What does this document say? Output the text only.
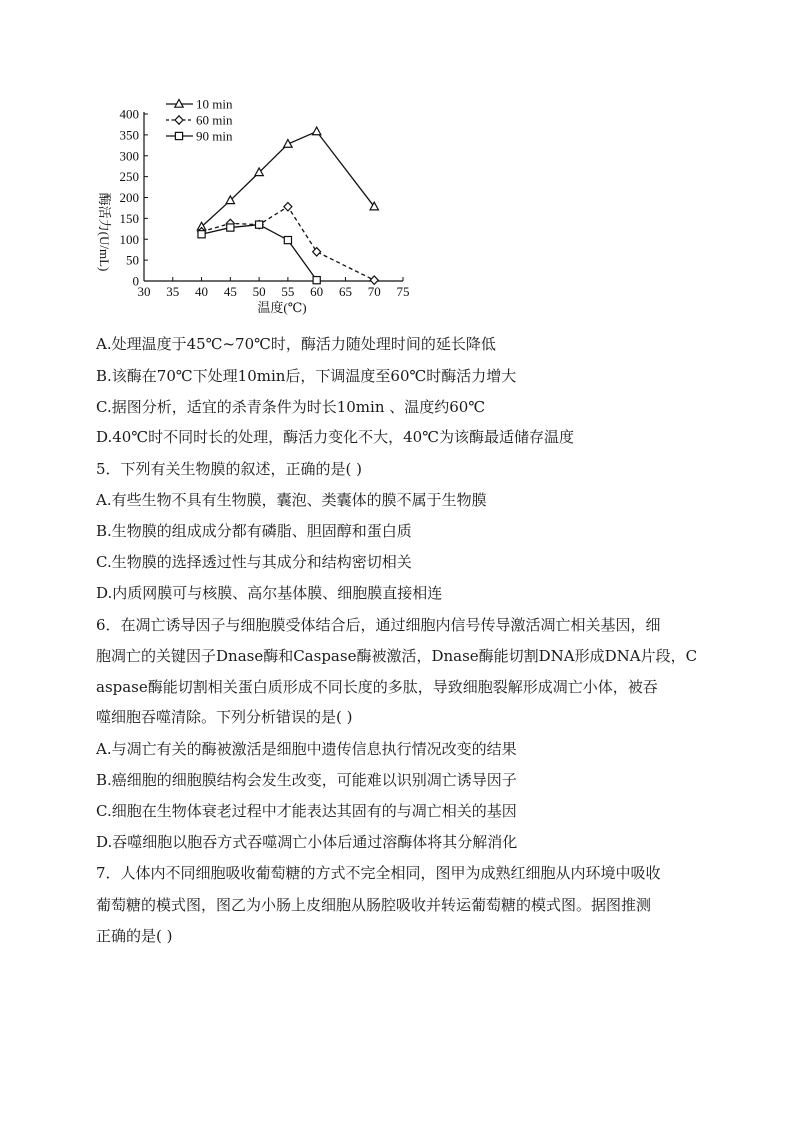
0
50
100
150
200
250
300
350
400
30 35 40 45 50 55 60 65 70 75
酶活力(U/mL)
温度(℃)
10 min
60 min
90 min
A.处理温度于45℃~70℃时，酶活力随处理时间的延长降低
B.该酶在70℃下处理10min后，下调温度至60℃时酶活力增大
C.据图分析，适宜的杀青条件为时长10min 、温度约60℃
D.40℃时不同时长的处理，酶活力变化不大，40℃为该酶最适储存温度
5．下列有关生物膜的叙述，正确的是( )
A.有些生物不具有生物膜，囊泡、类囊体的膜不属于生物膜
B.生物膜的组成成分都有磷脂、胆固醇和蛋白质
C.生物膜的选择透过性与其成分和结构密切相关
D.内质网膜可与核膜、高尔基体膜、细胞膜直接相连
6．在凋亡诱导因子与细胞膜受体结合后，通过细胞内信号传导激活凋亡相关基因，细
胞凋亡的关键因子Dnase酶和Caspase酶被激活，Dnase酶能切割DNA形成DNA片段，C
aspase酶能切割相关蛋白质形成不同长度的多肽，导致细胞裂解形成凋亡小体，被吞
噬细胞吞噬清除。下列分析错误的是( )
A.与凋亡有关的酶被激活是细胞中遗传信息执行情况改变的结果
B.癌细胞的细胞膜结构会发生改变，可能难以识别凋亡诱导因子
C.细胞在生物体衰老过程中才能表达其固有的与凋亡相关的基因
D.吞噬细胞以胞吞方式吞噬凋亡小体后通过溶酶体将其分解消化
7．人体内不同细胞吸收葡萄糖的方式不完全相同，图甲为成熟红细胞从内环境中吸收
葡萄糖的模式图，图乙为小肠上皮细胞从肠腔吸收并转运葡萄糖的模式图。据图推测
正确的是( )
